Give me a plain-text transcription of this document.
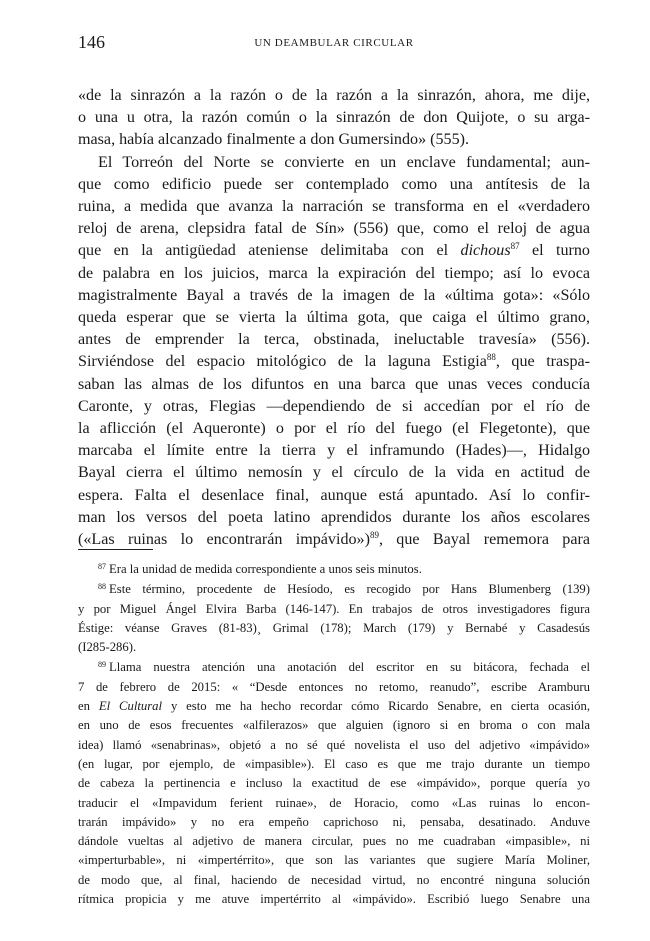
146	UN DEAMBULAR CIRCULAR

«de la sinrazón a la razón o de la razón a la sinrazón, ahora, me dije,
o una u otra, la razón común o la sinrazón de don Quijote, o su arga-
masa, había alcanzado finalmente a don Gumersindo» (555).

El Torreón del Norte se convierte en un enclave fundamental; aun-
que como edificio puede ser contemplado como una antítesis de la
ruina, a medida que avanza la narración se transforma en el «verdadero
reloj de arena, clepsidra fatal de Sín» (556) que, como el reloj de agua
que en la antigüedad ateniense delimitaba con el dichous$^{87}$ el turno
de palabra en los juicios, marca la expiración del tiempo; así lo evoca
magistralmente Bayal a través de la imagen de la «última gota»: «Sólo
queda esperar que se vierta la última gota, que caiga el último grano,
antes de emprender la terca, obstinada, ineluctable travesía» (556).
Sirviéndose del espacio mitológico de la laguna Estigia$^{88}$, que traspa-
saban las almas de los difuntos en una barca que unas veces conducía
Caronte, y otras, Flegias —dependiendo de si accedían por el río de
la aflicción (el Aqueronte) o por el río del fuego (el Flegetonte), que
marcaba el límite entre la tierra y el inframundo (Hades)—, Hidalgo
Bayal cierra el último nemosín y el círculo de la vida en actitud de
espera. Falta el desenlace final, aunque está apuntado. Así lo confir-
man los versos del poeta latino aprendidos durante los años escolares
(«Las ruinas lo encontrarán impávido»)$^{89}$, que Bayal rememora para

$^{87}$ Era la unidad de medida correspondiente a unos seis minutos.

$^{88}$ Este término, procedente de Hesíodo, es recogido por Hans Blumenberg (139)
y por Miguel Ángel Elvira Barba (146-147). En trabajos de otros investigadores figura
Éstige: véanse Graves (81-83)¸ Grimal (178); March (179) y Bernabé y Casadesús
(I285-286).

$^{89}$ Llama nuestra atención una anotación del escritor en su bitácora, fechada el
7 de febrero de 2015: « “Desde entonces no retomo, reanudo”, escribe Aramburu
en El Cultural y esto me ha hecho recordar cómo Ricardo Senabre, en cierta ocasión,
en uno de esos frecuentes «alfilerazos» que alguien (ignoro si en broma o con mala
idea) llamó «senabrinas», objetó a no sé qué novelista el uso del adjetivo «impávido»
(en lugar, por ejemplo, de «impasible»). El caso es que me trajo durante un tiempo
de cabeza la pertinencia e incluso la exactitud de ese «impávido», porque quería yo
traducir el «Impavidum ferient ruinae», de Horacio, como «Las ruinas lo encon-
trarán impávido» y no era empeño caprichoso ni, pensaba, desatinado. Anduve
dándole vueltas al adjetivo de manera circular, pues no me cuadraban «impasible», ni
«imperturbable», ni «impertérrito», que son las variantes que sugiere María Moliner,
de modo que, al final, haciendo de necesidad virtud, no encontré ninguna solución
rítmica propicia y me atuve impertérrito al «impávido». Escribió luego Senabre una
